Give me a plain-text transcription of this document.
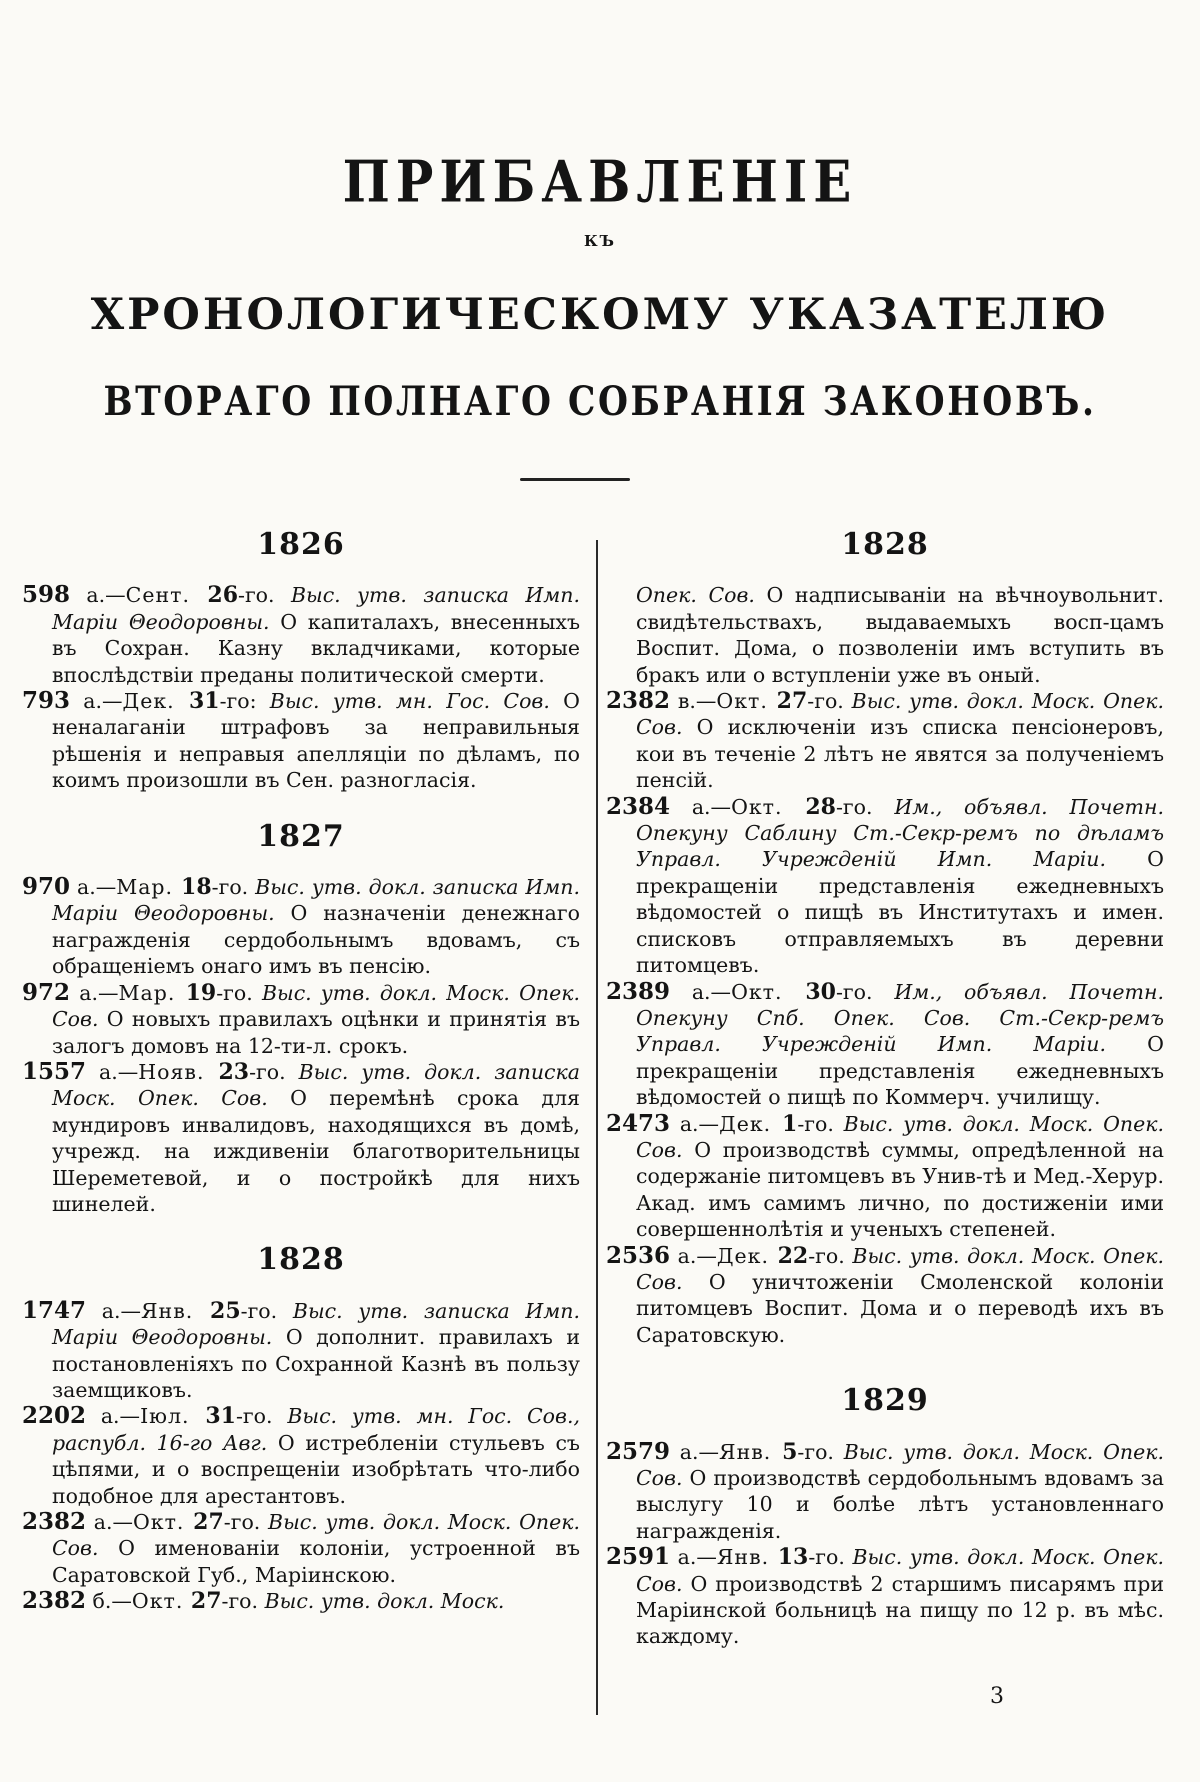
ПРИБАВЛЕНІЕ
КЪ
ХРОНОЛОГИЧЕСКОМУ УКАЗАТЕЛЮ
ВТОРАГО ПОЛНАГО СОБРАНІЯ ЗАКОНОВЪ.
1826

598 а.—Сент. 26-го. Выс. утв. записка Имп. Маріи Θеодоровны. О капиталахъ, внесенныхъ въ Сохран. Казну вкладчиками, которые впослѣдствіи преданы политической смерти.

793 а.—Дек. 31-го: Выс. утв. мн. Гос. Сов. О неналаганіи штрафовъ за неправильныя рѣшенія и неправыя апелляціи по дѣламъ, по коимъ произошли въ Сен. разногласія.

1827

970 а.—Мар. 18-го. Выс. утв. докл. записка Имп. Маріи Θеодоровны. О назначеніи денежнаго награжденія сердобольнымъ вдовамъ, съ обращеніемъ онаго имъ въ пенсію.

972 а.—Мар. 19-го. Выс. утв. докл. Моск. Опек. Сов. О новыхъ правилахъ оцѣнки и принятія въ залогъ домовъ на 12-ти-л. срокъ.

1557 а.—Нояв. 23-го. Выс. утв. докл. записка Моск. Опек. Сов. О перемѣнѣ срока для мундировъ инвалидовъ, находящихся въ домѣ, учрежд. на иждивеніи благотворительницы Шереметевой, и о постройкѣ для нихъ шинелей.

1828

1747 а.—Янв. 25-го. Выс. утв. записка Имп. Маріи Θеодоровны. О дополнит. правилахъ и постановленіяхъ по Сохранной Казнѣ въ пользу заемщиковъ.

2202 а.—Іюл. 31-го. Выс. утв. мн. Гос. Сов., распубл. 16-го Авг. О истребленіи стульевъ съ цѣпями, и о воспрещеніи изобрѣтать что-либо подобное для арестантовъ.

2382 а.—Окт. 27-го. Выс. утв. докл. Моск. Опек. Сов. О именованіи колоніи, устроенной въ Саратовской Губ., Маріинскою.

2382 б.—Окт. 27-го. Выс. утв. докл. Моск.

1828

Опек. Сов. О надписываніи на вѣчноувольнит. свидѣтельствахъ, выдаваемыхъ восп-цамъ Воспит. Дома, о позволеніи имъ вступить въ бракъ или о вступленіи уже въ оный.

2382 в.—Окт. 27-го. Выс. утв. докл. Моск. Опек. Сов. О исключеніи изъ списка пенсіонеровъ, кои въ теченіе 2 лѣтъ не явятся за полученіемъ пенсій.

2384 а.—Окт. 28-го. Им., объявл. Почетн. Опекуну Саблину Ст.-Секр-ремъ по дѣламъ Управл. Учрежденій Имп. Маріи. О прекращеніи представленія ежедневныхъ вѣдомостей о пищѣ въ Институтахъ и имен. списковъ отправляемыхъ въ деревни питомцевъ.

2389 а.—Окт. 30-го. Им., объявл. Почетн. Опекуну Спб. Опек. Сов. Ст.-Секр-ремъ Управл. Учрежденій Имп. Маріи. О прекращеніи представленія ежедневныхъ вѣдомостей о пищѣ по Коммерч. училищу.

2473 а.—Дек. 1-го. Выс. утв. докл. Моск. Опек. Сов. О производствѣ суммы, опредѣленной на содержаніе питомцевъ въ Унив-тѣ и Мед.-Херур. Акад. имъ самимъ лично, по достиженіи ими совершеннолѣтія и ученыхъ степеней.

2536 а.—Дек. 22-го. Выс. утв. докл. Моск. Опек. Сов. О уничтоженіи Смоленской колоніи питомцевъ Воспит. Дома и о переводѣ ихъ въ Саратовскую.

1829

2579 а.—Янв. 5-го. Выс. утв. докл. Моск. Опек. Сов. О производствѣ сердобольнымъ вдовамъ за выслугу 10 и болѣе лѣтъ установленнаго награжденія.

2591 а.—Янв. 13-го. Выс. утв. докл. Моск. Опек. Сов. О производствѣ 2 старшимъ писарямъ при Маріинской больницѣ на пищу по 12 р. въ мѣс. каждому.

3
